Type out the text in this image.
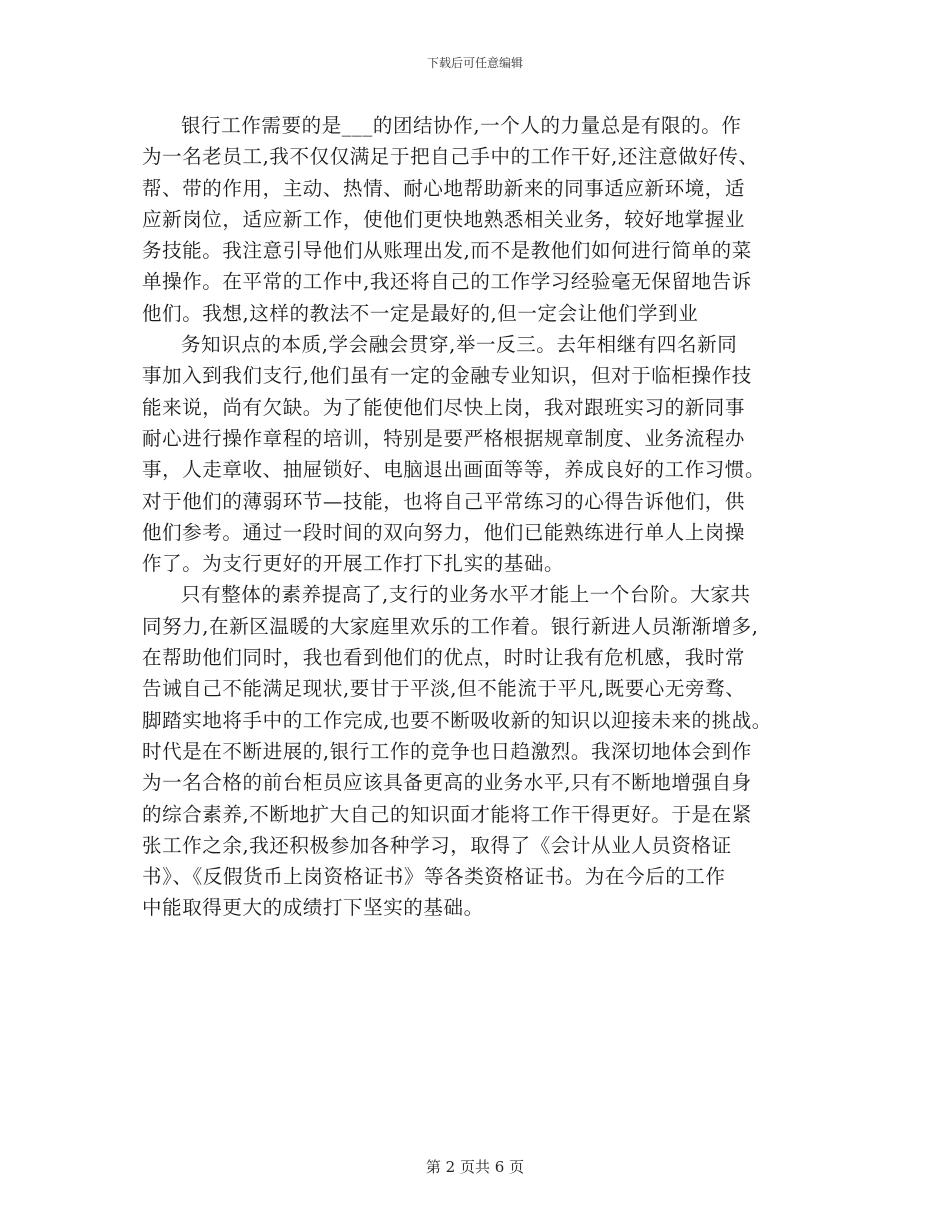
下载后可任意编辑
银行工作需要的是___的团结协作,一个人的力量总是有限的。作
为一名老员工,我不仅仅满足于把自己手中的工作干好,还注意做好传、
帮、带的作用，主动、热情、耐心地帮助新来的同事适应新环境，适
应新岗位，适应新工作，使他们更快地熟悉相关业务，较好地掌握业
务技能。我注意引导他们从账理出发,而不是教他们如何进行简单的菜
单操作。在平常的工作中,我还将自己的工作学习经验毫无保留地告诉
他们。我想,这样的教法不一定是最好的,但一定会让他们学到业
务知识点的本质,学会融会贯穿,举一反三。去年相继有四名新同
事加入到我们支行,他们虽有一定的金融专业知识，但对于临柜操作技
能来说，尚有欠缺。为了能使他们尽快上岗，我对跟班实习的新同事
耐心进行操作章程的培训，特别是要严格根据规章制度、业务流程办
事，人走章收、抽屉锁好、电脑退出画面等等，养成良好的工作习惯。
对于他们的薄弱环节—技能，也将自己平常练习的心得告诉他们，供
他们参考。通过一段时间的双向努力，他们已能熟练进行单人上岗操
作了。为支行更好的开展工作打下扎实的基础。
只有整体的素养提高了,支行的业务水平才能上一个台阶。大家共
同努力,在新区温暖的大家庭里欢乐的工作着。银行新进人员渐渐增多,
在帮助他们同时，我也看到他们的优点，时时让我有危机感，我时常
告诫自己不能满足现状,要甘于平淡,但不能流于平凡,既要心无旁骛、
脚踏实地将手中的工作完成,也要不断吸收新的知识以迎接未来的挑战。
时代是在不断进展的,银行工作的竞争也日趋激烈。我深切地体会到作
为一名合格的前台柜员应该具备更高的业务水平,只有不断地增强自身
的综合素养,不断地扩大自己的知识面才能将工作干得更好。于是在紧
张工作之余,我还积极参加各种学习，取得了《会计从业人员资格证
书》、《反假货币上岗资格证书》等各类资格证书。为在今后的工作
中能取得更大的成绩打下坚实的基础。
第 2 页共 6 页
